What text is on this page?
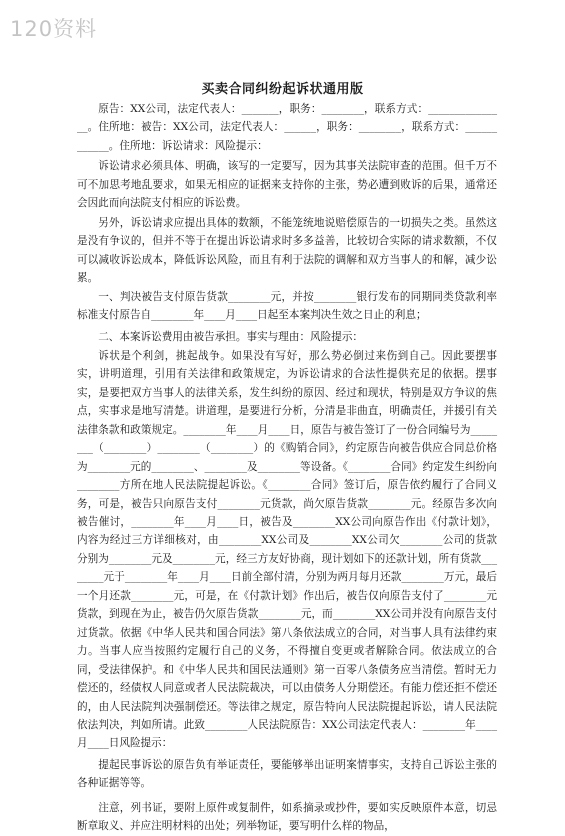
120资料
买卖合同纠纷起诉状通用版

原告：XX公司，法定代表人：_______，职务：________，联系方式：_______________。住所地：被告：XX公司，法定代表人：______，职务：________，联系方式：____________。住所地：诉讼请求：风险提示：

诉讼请求必须具体、明确，该写的一定要写，因为其事关法院审查的范围。但千万不可不加思考地乱要求，如果无相应的证据来支持你的主张，势必遭到败诉的后果，通常还会因此而向法院支付相应的诉讼费。

另外，诉讼请求应提出具体的数额，不能笼统地说赔偿原告的一切损失之类。虽然这是没有争议的，但并不等于在提出诉讼请求时多多益善，比较切合实际的请求数额，不仅可以减收诉讼成本，降低诉讼风险，而且有利于法院的调解和双方当事人的和解，减少讼累。

一、判决被告支付原告货款________元，并按________银行发布的同期同类贷款利率标准支付原告自________年____月____日起至本案判决生效之日止的利息；

二、本案诉讼费用由被告承担。事实与理由：风险提示：

诉状是个利剑，挑起战争。如果没有写好，那么势必倒过来伤到自己。因此要摆事实，讲明道理，引用有关法律和政策规定，为诉讼请求的合法性提供充足的依据。摆事实，是要把双方当事人的法律关系，发生纠纷的原因、经过和现状，特别是双方争议的焦点，实事求是地写清楚。讲道理，是要进行分析，分清是非曲直，明确责任，并援引有关法律条款和政策规定。________年____月____日，原告与被告签订了一份合同编号为________（________）________（________）的《购销合同》，约定原告向被告供应合同总价格为________元的________、________及________等设备。《________合同》约定发生纠纷向________方所在地人民法院提起诉讼。《________合同》签订后，原告依约履行了合同义务，可是，被告只向原告支付________元货款，尚欠原告货款________元。经原告多次向被告催讨，________年____月____日，被告及________XX公司向原告作出《付款计划》，内容为经过三方详细核对，由________XX公司及________XX公司欠________公司的货款分别为________元及________元，经三方友好协商，现计划如下的还款计划，所有货款________元于________年____月____日前全部付清，分别为两月每月还款________万元，最后一个月还款________元，可是，在《付款计划》作出后，被告仅向原告支付了________元货款，到现在为止，被告仍欠原告货款________元，而________XX公司并没有向原告支付过货款。依据《中华人民共和国合同法》第八条依法成立的合同，对当事人具有法律约束力。当事人应当按照约定履行自己的义务，不得擅自变更或者解除合同。依法成立的合同，受法律保护。和《中华人民共和国民法通则》第一百零八条债务应当清偿。暂时无力偿还的，经债权人同意或者人民法院裁决，可以由债务人分期偿还。有能力偿还拒不偿还的，由人民法院判决强制偿还。等法律之规定，原告特向人民法院提起诉讼，请人民法院依法判决，判如所请。此致________人民法院原告：XX公司法定代表人：________年____月____日风险提示：

提起民事诉讼的原告负有举证责任，要能够举出证明案情事实，支持自己诉讼主张的各种证据等等。

注意，列书证，要附上原件或复制件，如系摘录或抄件，要如实反映原件本意，切忌断章取义、并应注明材料的出处；列举物证，要写明什么样的物品，
